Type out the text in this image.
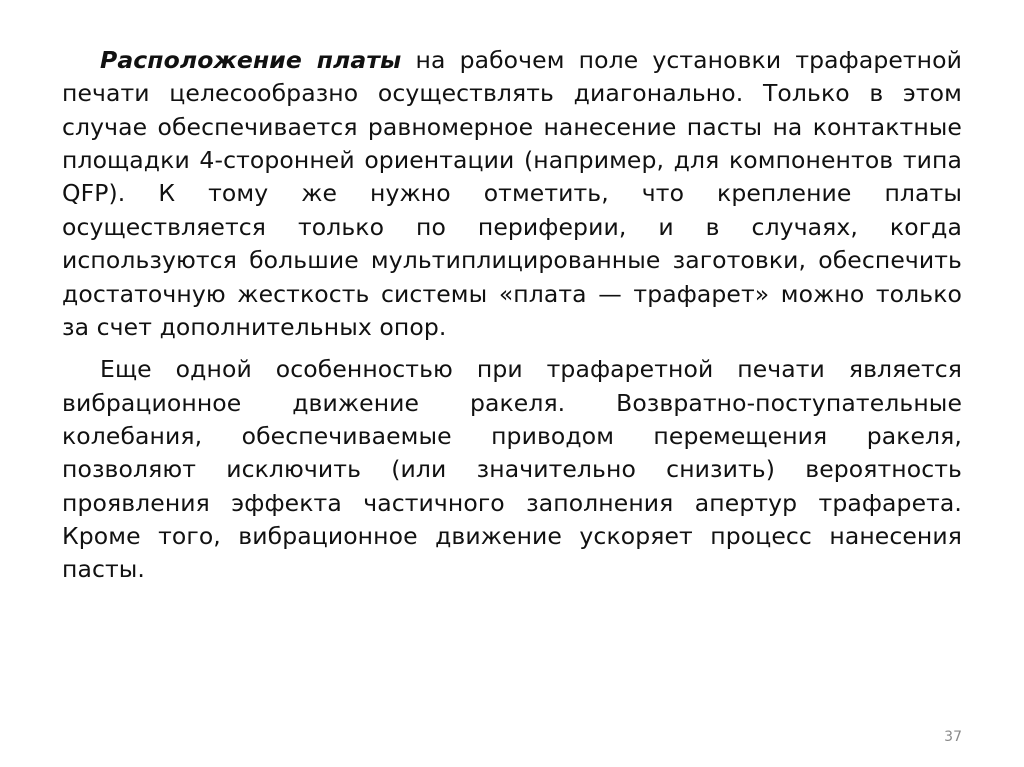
Расположение платы на рабочем поле установки трафаретной печати целесообразно осуществлять диагонально. Только в этом случае обеспечивается равномерное нанесение пасты на контактные площадки 4-сторонней ориентации (например, для компонентов типа QFP). К тому же нужно отметить, что крепление платы осуществляется только по периферии, и в случаях, когда используются большие мультиплицированные заготовки, обеспечить достаточную жесткость системы «плата — трафарет» можно только за счет дополнительных опор.

Еще одной особенностью при трафаретной печати является вибрационное движение ракеля. Возвратно-поступательные колебания, обеспечиваемые приводом перемещения ракеля, позволяют исключить (или значительно снизить) вероятность проявления эффекта частичного заполнения апертур трафарета. Кроме того, вибрационное движение ускоряет процесс нанесения пасты.

37
